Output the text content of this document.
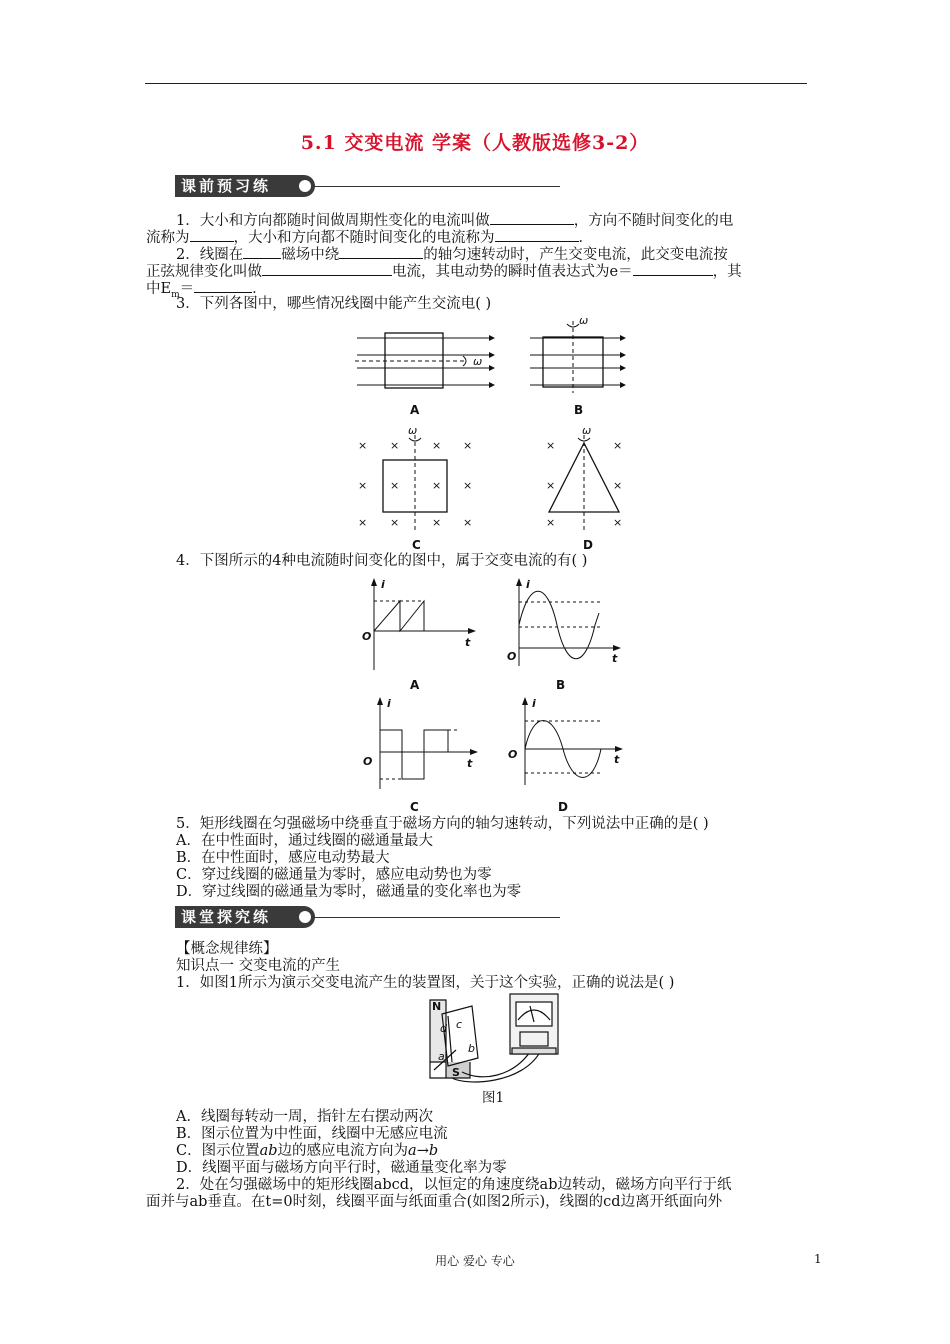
5.1 交变电流 学案（人教版选修3-2）
课前预习练
1．大小和方向都随时间做周期性变化的电流叫做	，方向不随时间变化的电
流称为	，大小和方向都不随时间变化的电流称为	．
2．线圈在	磁场中绕	的轴匀速转动时，产生交变电流，此交变电流按
正弦规律变化叫做	电流，其电动势的瞬时值表达式为e＝	，其
中$E_m=$	．
3．下列各图中，哪些情况线圈中能产生交流电( )
ω
A
ω
B
ω
× ×	× ×
× ×	× ×
× ×	× ×
C
ω
×	×
×	×
×	×
D
4．下图所示的4种电流随时间变化的图中，属于交变电流的有( )
i
t
O
A
i
t
O
B
i
t
O
C
i
t
O
D
5．矩形线圈在匀强磁场中绕垂直于磁场方向的轴匀速转动，下列说法中正确的是( )
A．在中性面时，通过线圈的磁通量最大
B．在中性面时，感应电动势最大
C．穿过线圈的磁通量为零时，感应电动势也为零
D．穿过线圈的磁通量为零时，磁通量的变化率也为零
课堂探究练
【概念规律练】
知识点一 交变电流的产生
1．如图1所示为演示交变电流产生的装置图，关于这个实验，正确的说法是( )
N
S
d c
a
b
图1
A．线圈每转动一周，指针左右摆动两次
B．图示位置为中性面，线圈中无感应电流
C．图示位置ab边的感应电流方向为a→b
D．线圈平面与磁场方向平行时，磁通量变化率为零
2．处在匀强磁场中的矩形线圈abcd，以恒定的角速度绕ab边转动，磁场方向平行于纸
面并与ab垂直。在t=0时刻，线圈平面与纸面重合(如图2所示)，线圈的cd边离开纸面向外
用心 爱心 专心	1
